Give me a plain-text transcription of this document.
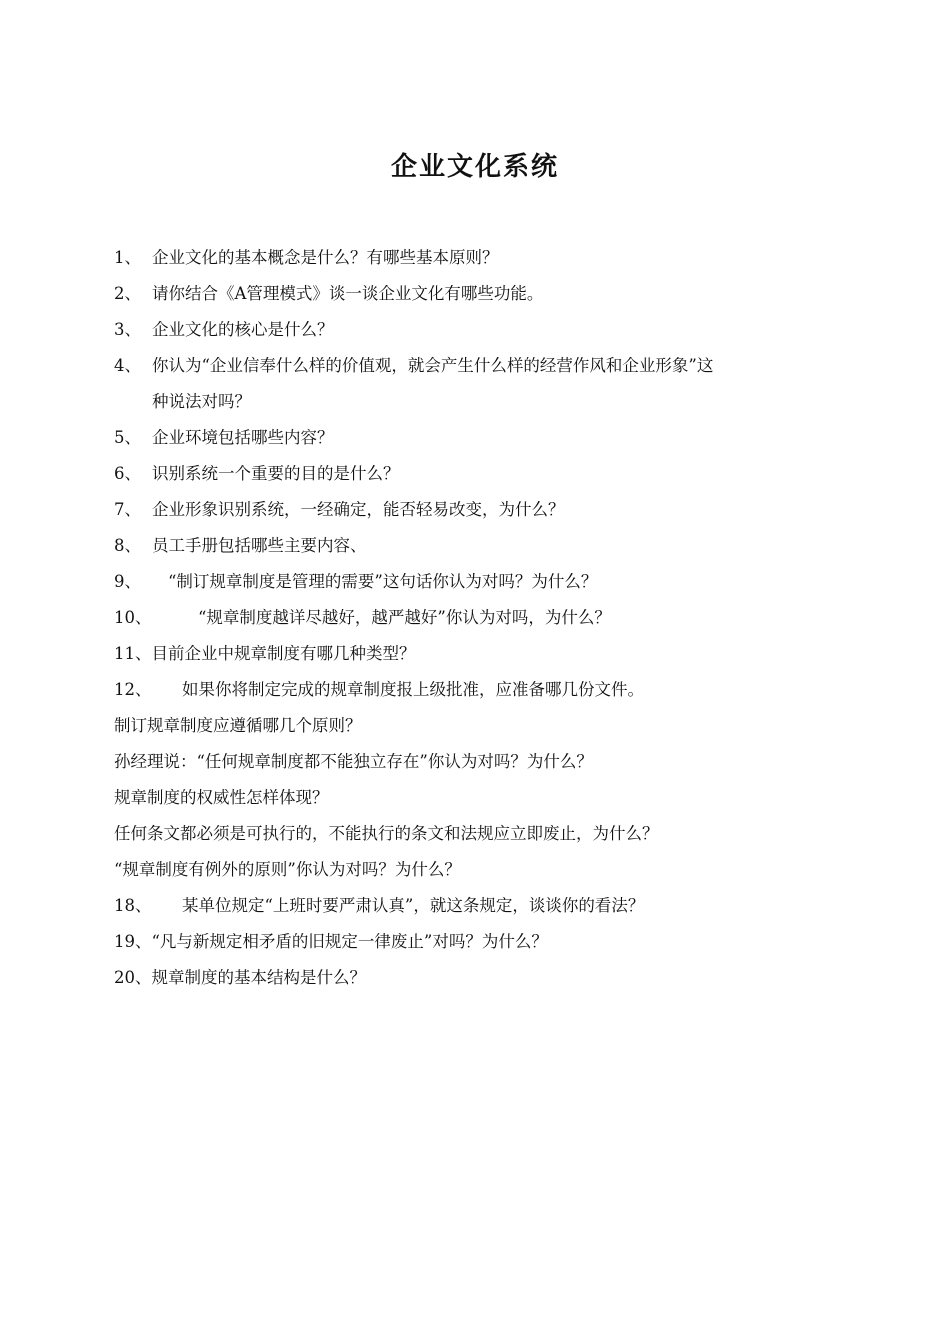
企业文化系统
1、 企业文化的基本概念是什么？有哪些基本原则？
2、 请你结合《A管理模式》谈一谈企业文化有哪些功能。
3、 企业文化的核心是什么？
4、 你认为“企业信奉什么样的价值观，就会产生什么样的经营作风和企业形象”这
种说法对吗？
5、 企业环境包括哪些内容？
6、 识别系统一个重要的目的是什么？
7、 企业形象识别系统，一经确定，能否轻易改变，为什么？
8、 员工手册包括哪些主要内容、
9、 “制订规章制度是管理的需要”这句话你认为对吗？为什么？
10、	“规章制度越详尽越好，越严越好”你认为对吗，为什么？
11、目前企业中规章制度有哪几种类型？
12、 如果你将制定完成的规章制度报上级批准，应准备哪几份文件。
制订规章制度应遵循哪几个原则？
孙经理说：“任何规章制度都不能独立存在”你认为对吗？为什么？
规章制度的权威性怎样体现？
任何条文都必须是可执行的，不能执行的条文和法规应立即废止，为什么？
“规章制度有例外的原则”你认为对吗？为什么？
18、 某单位规定“上班时要严肃认真”，就这条规定，谈谈你的看法？
19、“凡与新规定相矛盾的旧规定一律废止”对吗？为什么？
20、规章制度的基本结构是什么？
